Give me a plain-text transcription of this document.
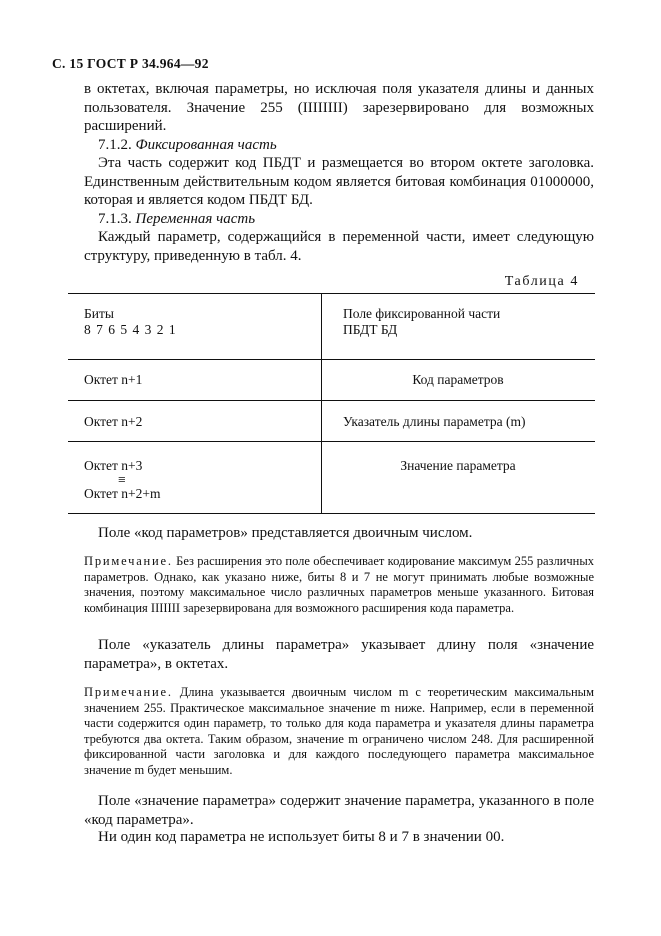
С. 15 ГОСТ Р 34.964—92

в октетах, включая параметры, но исключая поля указателя длины и данных пользователя. Значение 255 (IIIIIIII) зарезервировано для возможных расширений.

7.1.2. Фиксированная часть

Эта часть содержит код ПБДТ и размещается во втором октете заголовка. Единственным действительным кодом является битовая комбинация 01000000, которая и является кодом ПБДТ БД.

7.1.3. Переменная часть

Каждый параметр, содержащийся в переменной части, имеет следующую структуру, приведенную в табл. 4.

Таблица 4
Биты
8 7 6 5 4 3 2 1
Поле фиксированной части
ПБДТ БД
Октет n+1	Код параметров
Октет n+2	Указатель длины параметра (m)
Октет n+3
≡
Октет n+2+m
Значение параметра

Поле «код параметров» представляется двоичным числом.

Примечание. Без расширения это поле обеспечивает кодирование максимум 255 различных параметров. Однако, как указано ниже, биты 8 и 7 не могут принимать любые возможные значения, поэтому максимальное число различных параметров меньше указанного. Битовая комбинация IIIIIII зарезервирована для возможного расширения кода параметра.

Поле «указатель длины параметра» указывает длину поля «значение параметра», в октетах.

Примечание. Длина указывается двоичным числом m с теоретическим максимальным значением 255. Практическое максимальное значение m ниже. Например, если в переменной части содержится один параметр, то только для кода параметра и указателя длины параметра требуются два октета. Таким образом, значение m ограничено числом 248. Для расширенной фиксированной части заголовка и для каждого последующего параметра максимальное значение m будет меньшим.

Поле «значение параметра» содержит значение параметра, указанного в поле «код параметра».

Ни один код параметра не использует биты 8 и 7 в значении 00.
